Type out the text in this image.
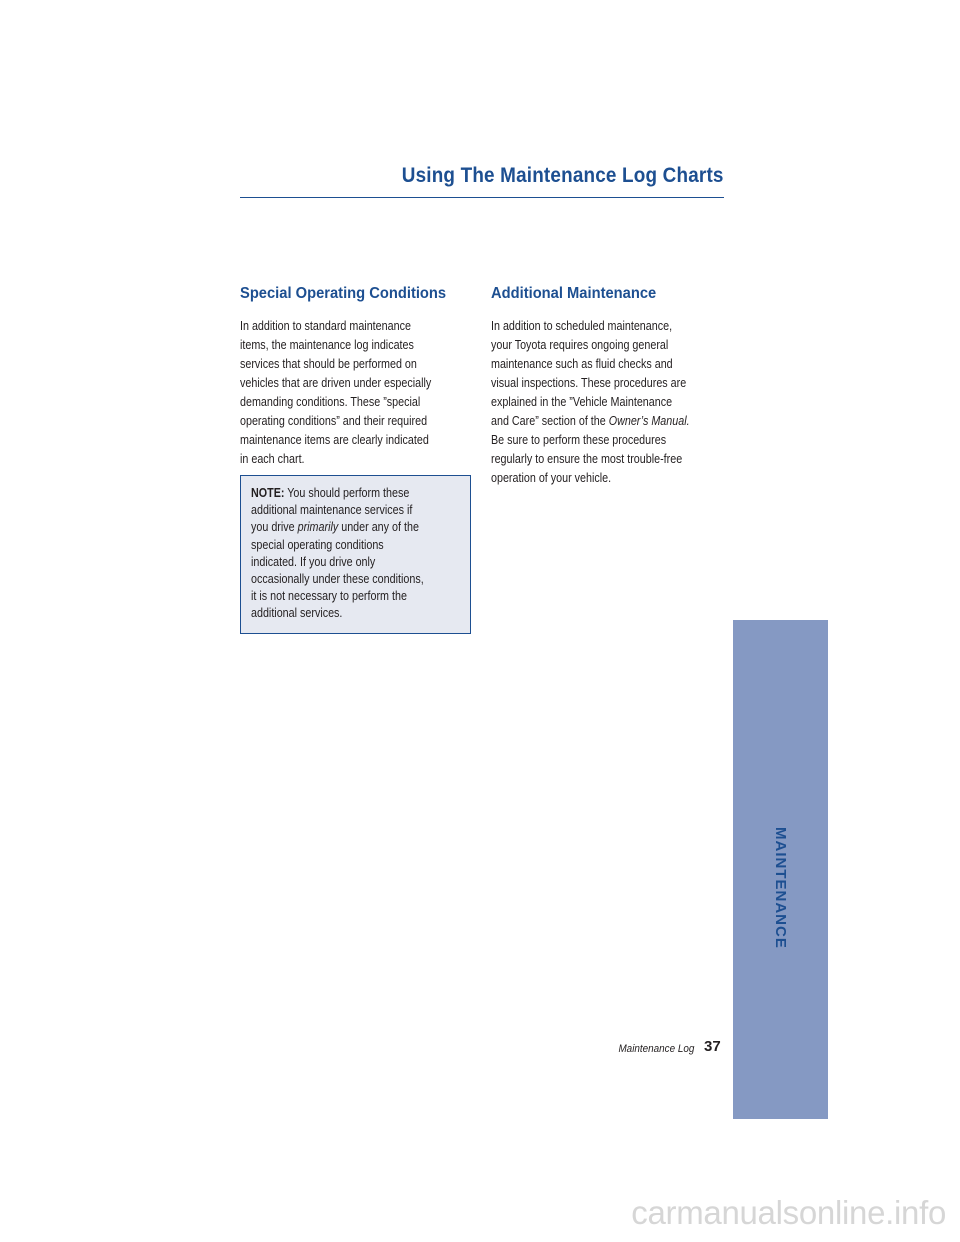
Using The Maintenance Log Charts
Special Operating Conditions

In addition to standard maintenance

items, the maintenance log indicates

services that should be performed on

vehicles that are driven under especially

demanding conditions. These ”special

operating conditions” and their required

maintenance items are clearly indicated

in each chart.

NOTE: You should perform these

additional maintenance services if

you drive primarily under any of the

special operating conditions

indicated. If you drive only

occasionally under these conditions,

it is not necessary to perform the

additional services.

Additional Maintenance

In addition to scheduled maintenance,

your Toyota requires ongoing general

maintenance such as fluid checks and

visual inspections. These procedures are

explained in the ”Vehicle Maintenance

and Care” section of the Owner’s Manual.

Be sure to perform these procedures

regularly to ensure the most trouble-free

operation of your vehicle.

MAINTENANCE
Maintenance Log 37
carmanualsonline.info
